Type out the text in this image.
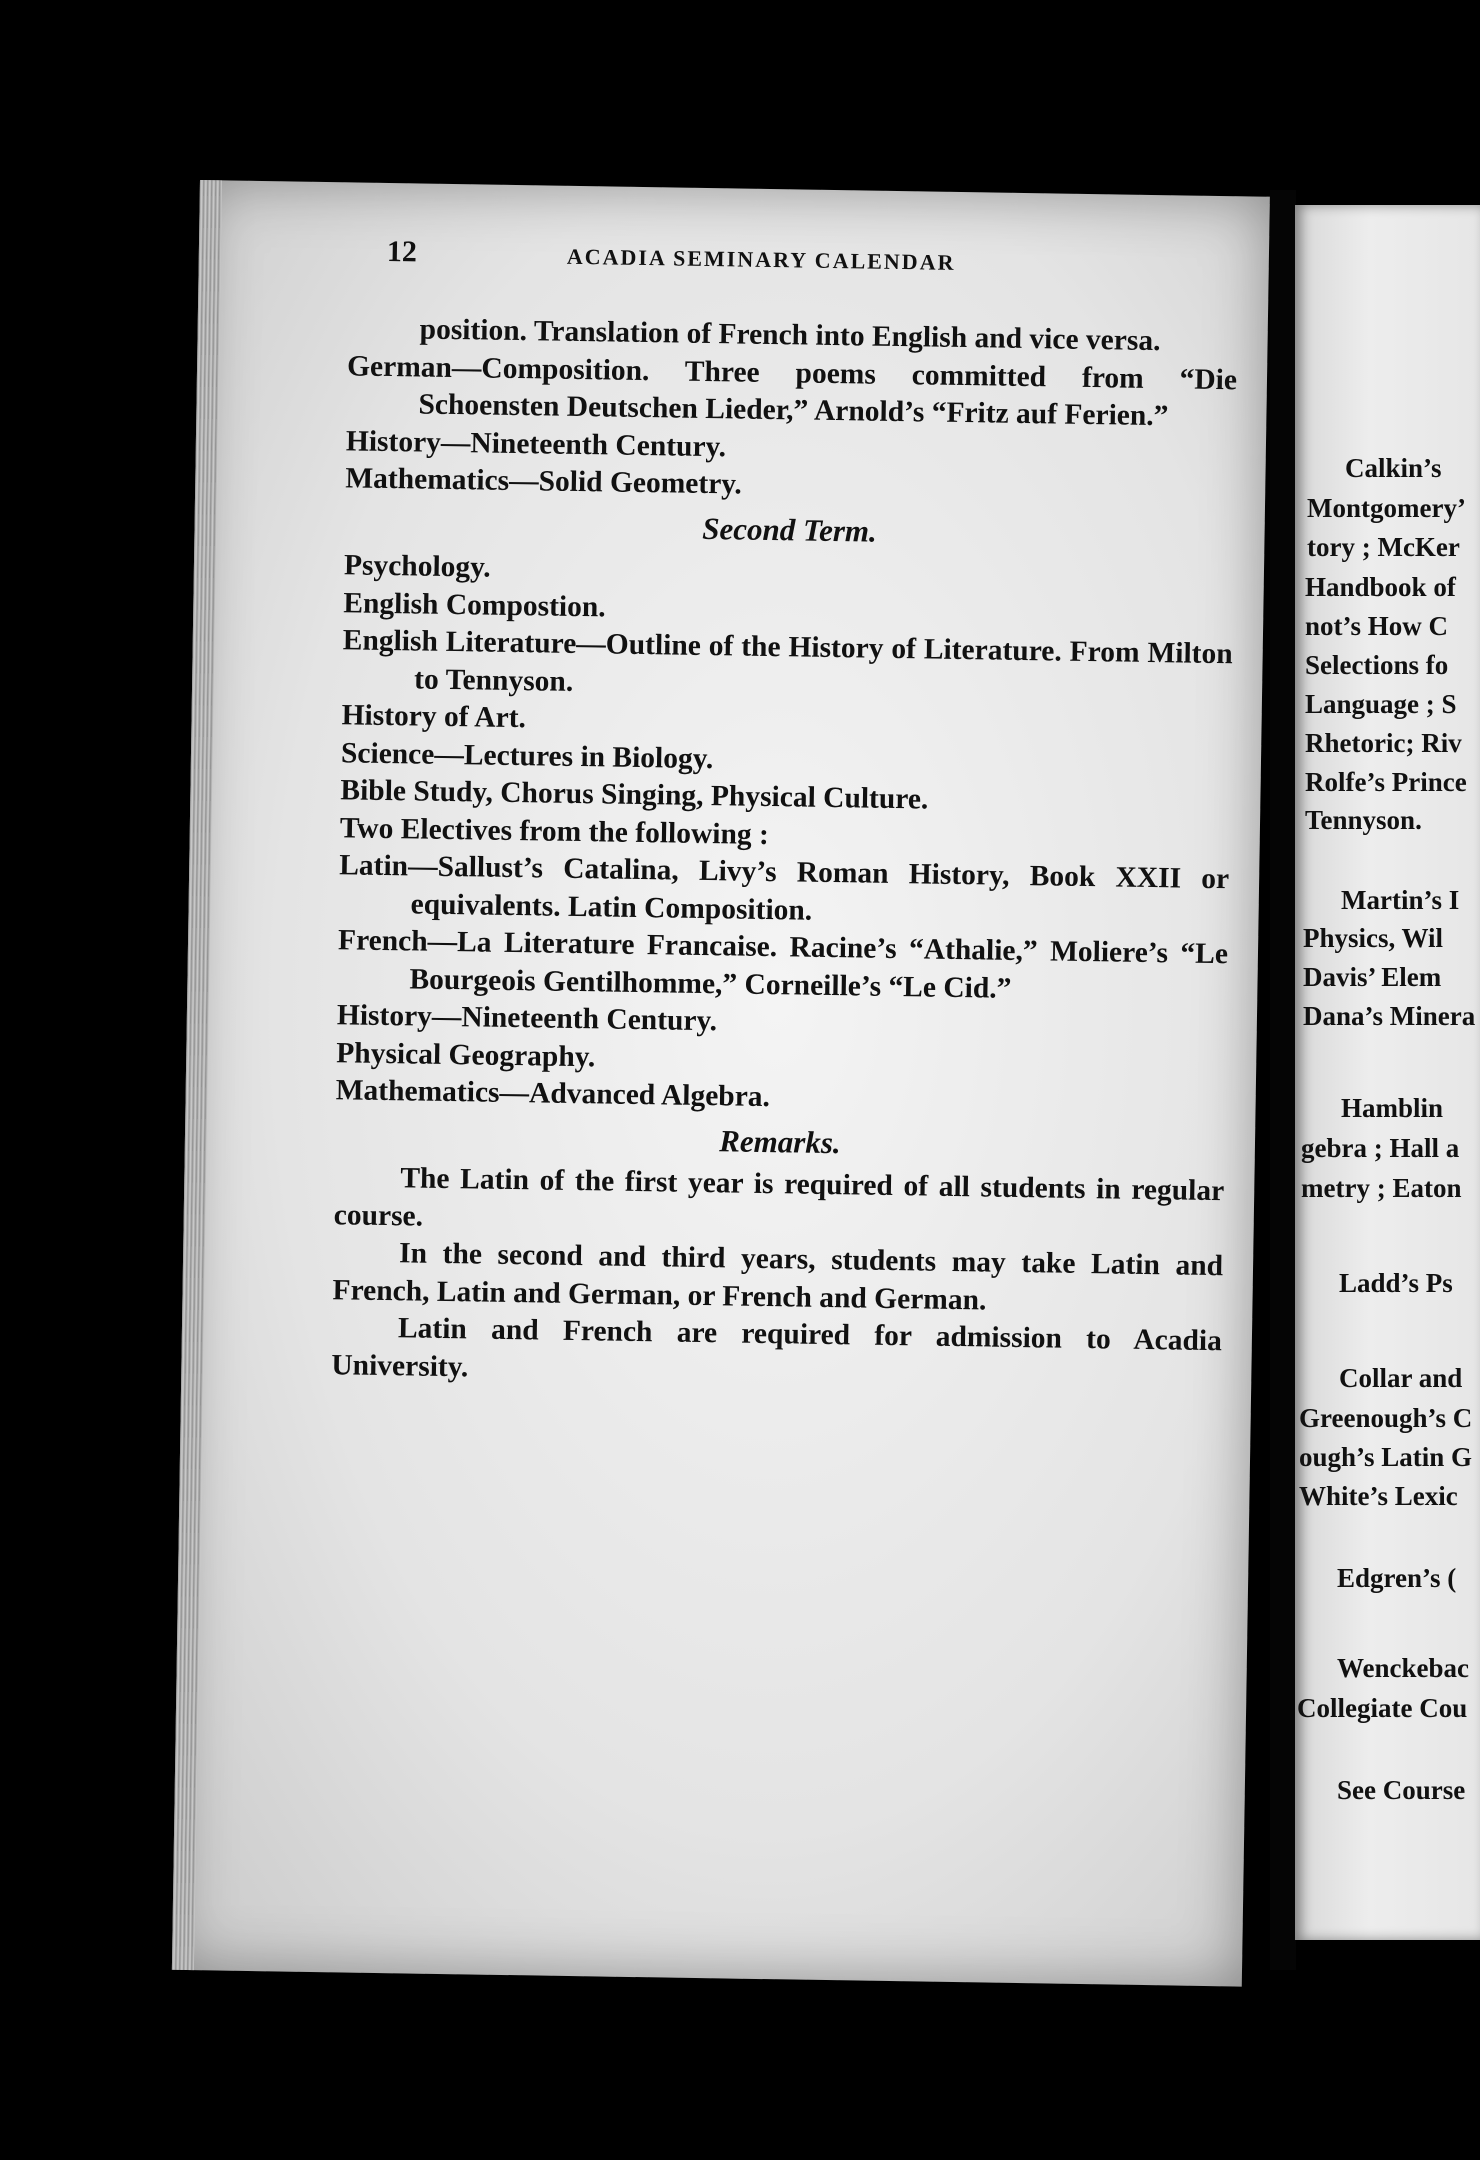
12	ACADIA SEMINARY CALENDAR

position. Translation of French into English and vice versa.

German—Composition. Three poems committed from “Die Schoensten Deutschen Lieder,” Arnold’s “Fritz auf Ferien.”

History—Nineteenth Century.

Mathematics—Solid Geometry.

Second Term.

Psychology.

English Compostion.

English Literature—Outline of the History of Literature. From Milton to Tennyson.

History of Art.

Science—Lectures in Biology.

Bible Study, Chorus Singing, Physical Culture.

Two Electives from the following :

Latin—Sallust’s Catalina, Livy’s Roman History, Book XXII or equivalents. Latin Composition.

French—La Literature Francaise. Racine’s “Athalie,” Moliere’s “Le Bourgeois Gentilhomme,” Corneille’s “Le Cid.”

History—Nineteenth Century.

Physical Geography.

Mathematics—Advanced Algebra.

Remarks.

The Latin of the first year is required of all students in regular course.

In the second and third years, students may take Latin and French, Latin and German, or French and German.

Latin and French are required for admission to Acadia University.

Calkin’s
Montgomery’
tory ; McKer
Handbook of
not’s How C
Selections fo
Language ; S
Rhetoric; Riv
Rolfe’s Prince
Tennyson.
Martin’s I
Physics, Wil
Davis’ Elem
Dana’s Minera
Hamblin
gebra ; Hall a
metry ; Eaton
Ladd’s Ps
Collar and
Greenough’s C
ough’s Latin G
White’s Lexic
Edgren’s (
Wenckebac
Collegiate Cou
See Course
